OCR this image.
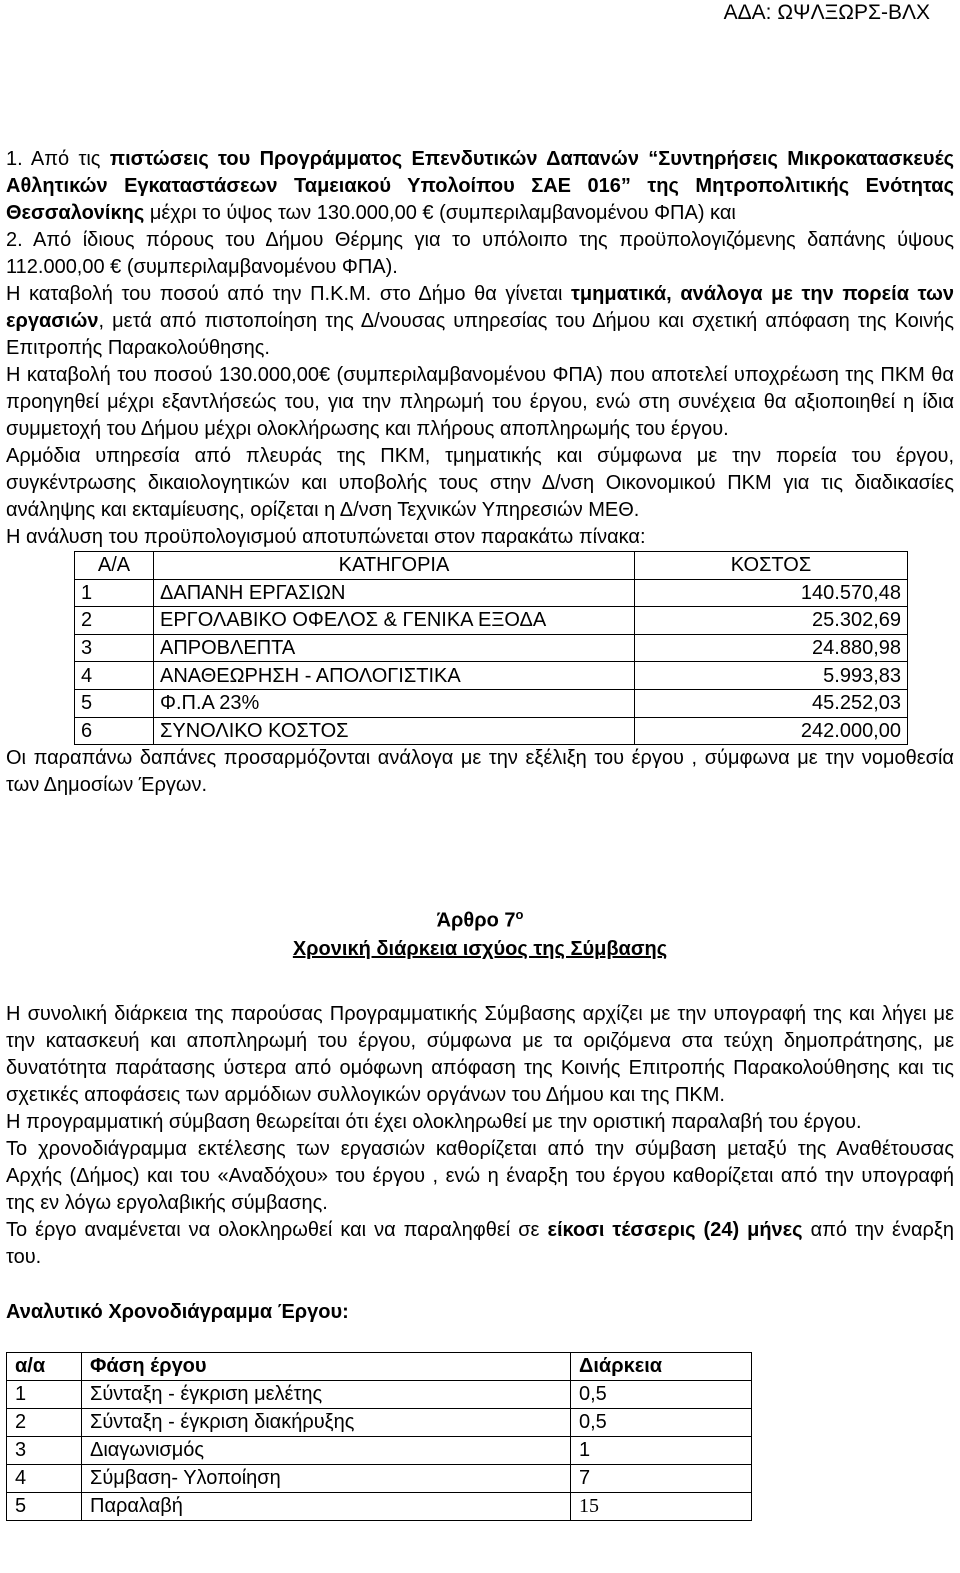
ΑΔΑ: ΩΨΛΞΩΡΣ-ΒΛΧ

1. Από τις πιστώσεις του Προγράμματος Επενδυτικών Δαπανών “Συντηρήσεις Μικροκατασκευές Αθλητικών Εγκαταστάσεων Ταμειακού Υπολοίπου ΣΑΕ 016” της Μητροπολιτικής Ενότητας Θεσσαλονίκης μέχρι το ύψος των 130.000,00 € (συμπεριλαμβανομένου ΦΠΑ) και

2. Από ίδιους πόρους του Δήμου Θέρμης για το υπόλοιπο της προϋπολογιζόμενης δαπάνης ύψους 112.000,00 € (συμπεριλαμβανομένου ΦΠΑ).

Η καταβολή του ποσού από την Π.Κ.Μ. στο Δήμο θα γίνεται τμηματικά, ανάλογα με την πορεία των εργασιών, μετά από πιστοποίηση της Δ/νουσας υπηρεσίας του Δήμου και σχετική απόφαση της Κοινής Επιτροπής Παρακολούθησης.

Η καταβολή του ποσού 130.000,00€ (συμπεριλαμβανομένου ΦΠΑ) που αποτελεί υποχρέωση της ΠΚΜ θα προηγηθεί μέχρι εξαντλήσεώς του, για την πληρωμή του έργου, ενώ στη συνέχεια θα αξιοποιηθεί η ίδια συμμετοχή του Δήμου μέχρι ολοκλήρωσης και πλήρους αποπληρωμής του έργου.

Αρμόδια υπηρεσία από πλευράς της ΠΚΜ, τμηματικής και σύμφωνα με την πορεία του έργου, συγκέντρωσης δικαιολογητικών και υποβολής τους στην Δ/νση Οικονομικού ΠΚΜ για τις διαδικασίες ανάληψης και εκταμίευσης, ορίζεται η Δ/νση Τεχνικών Υπηρεσιών ΜΕΘ.

Η ανάλυση του προϋπολογισμού αποτυπώνεται στον παρακάτω πίνακα:

Α/Α	ΚΑΤΗΓΟΡΙΑ	ΚΟΣΤΟΣ
1	ΔΑΠΑΝΗ ΕΡΓΑΣΙΩΝ	140.570,48
2	ΕΡΓΟΛΑΒΙΚΟ ΟΦΕΛΟΣ & ΓΕΝΙΚΑ ΕΞΟΔΑ	25.302,69
3	ΑΠΡΟΒΛΕΠΤΑ	24.880,98
4	ΑΝΑΘΕΩΡΗΣΗ - ΑΠΟΛΟΓΙΣΤΙΚΑ	5.993,83
5	Φ.Π.Α 23%	45.252,03
6	ΣΥΝΟΛΙΚΟ ΚΟΣΤΟΣ	242.000,00

Οι παραπάνω δαπάνες προσαρμόζονται ανάλογα με την εξέλιξη του έργου , σύμφωνα με την νομοθεσία των Δημοσίων Έργων.

Άρθρο $7^o$
Χρονική διάρκεια ισχύος της Σύμβασης

Η συνολική διάρκεια της παρούσας Προγραμματικής Σύμβασης αρχίζει με την υπογραφή της και λήγει με την κατασκευή και αποπληρωμή του έργου, σύμφωνα με τα οριζόμενα στα τεύχη δημοπράτησης, με δυνατότητα παράτασης ύστερα από ομόφωνη απόφαση της Κοινής Επιτροπής Παρακολούθησης και τις σχετικές αποφάσεις των αρμόδιων συλλογικών οργάνων του Δήμου και της ΠΚΜ.

Η προγραμματική σύμβαση θεωρείται ότι έχει ολοκληρωθεί με την οριστική παραλαβή του έργου.

Το χρονοδιάγραμμα εκτέλεσης των εργασιών καθορίζεται από την σύμβαση μεταξύ της Αναθέτουσας Αρχής (Δήμος) και του «Αναδόχου» του έργου , ενώ η έναρξη του έργου καθορίζεται από την υπογραφή της εν λόγω εργολαβικής σύμβασης.

Το έργο αναμένεται να ολοκληρωθεί και να παραληφθεί σε είκοσι τέσσερις (24) μήνες από την έναρξη του.

Αναλυτικό Χρονοδιάγραμμα Έργου:
α/α	Φάση έργου	Διάρκεια
1	Σύνταξη - έγκριση μελέτης	0,5
2	Σύνταξη - έγκριση διακήρυξης	0,5
3	Διαγωνισμός	1
4	Σύμβαση- Υλοποίηση	7
5	Παραλαβή	15
